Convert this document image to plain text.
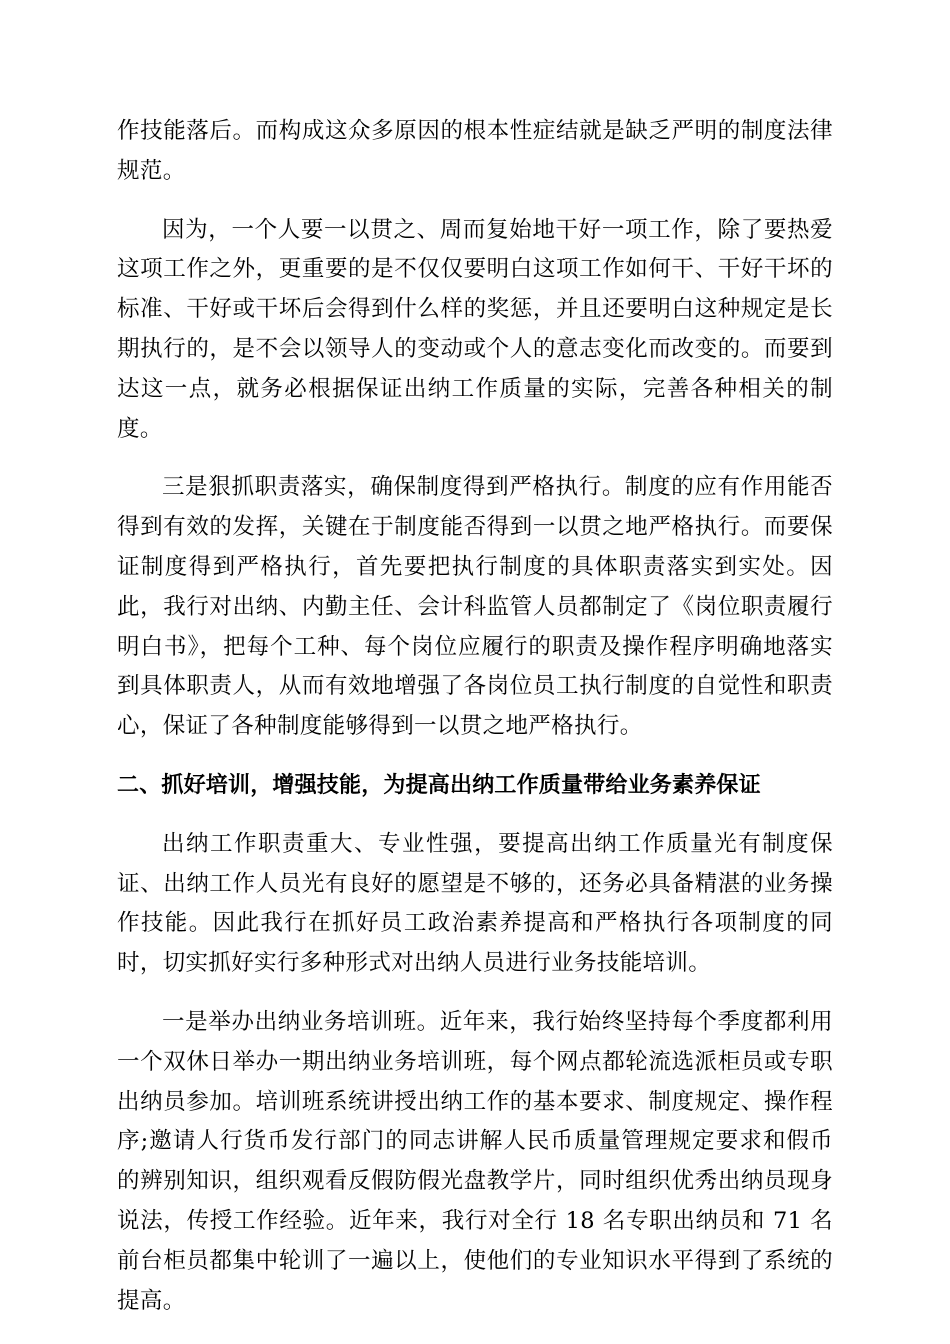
作技能落后。而构成这众多原因的根本性症结就是缺乏严明的制度法律规范。

因为，一个人要一以贯之、周而复始地干好一项工作，除了要热爱这项工作之外，更重要的是不仅仅要明白这项工作如何干、干好干坏的标准、干好或干坏后会得到什么样的奖惩，并且还要明白这种规定是长期执行的，是不会以领导人的变动或个人的意志变化而改变的。而要到达这一点，就务必根据保证出纳工作质量的实际，完善各种相关的制度。

三是狠抓职责落实，确保制度得到严格执行。制度的应有作用能否得到有效的发挥，关键在于制度能否得到一以贯之地严格执行。而要保证制度得到严格执行，首先要把执行制度的具体职责落实到实处。因此，我行对出纳、内勤主任、会计科监管人员都制定了《岗位职责履行明白书》，把每个工种、每个岗位应履行的职责及操作程序明确地落实到具体职责人，从而有效地增强了各岗位员工执行制度的自觉性和职责心，保证了各种制度能够得到一以贯之地严格执行。

二、抓好培训，增强技能，为提高出纳工作质量带给业务素养保证

出纳工作职责重大、专业性强，要提高出纳工作质量光有制度保证、出纳工作人员光有良好的愿望是不够的，还务必具备精湛的业务操作技能。因此我行在抓好员工政治素养提高和严格执行各项制度的同时，切实抓好实行多种形式对出纳人员进行业务技能培训。

一是举办出纳业务培训班。近年来，我行始终坚持每个季度都利用一个双休日举办一期出纳业务培训班，每个网点都轮流选派柜员或专职出纳员参加。培训班系统讲授出纳工作的基本要求、制度规定、操作程序;邀请人行货币发行部门的同志讲解人民币质量管理规定要求和假币的辨别知识，组织观看反假防假光盘教学片，同时组织优秀出纳员现身说法，传授工作经验。近年来，我行对全行 18 名专职出纳员和 71 名前台柜员都集中轮训了一遍以上，使他们的专业知识水平得到了系统的提高。
